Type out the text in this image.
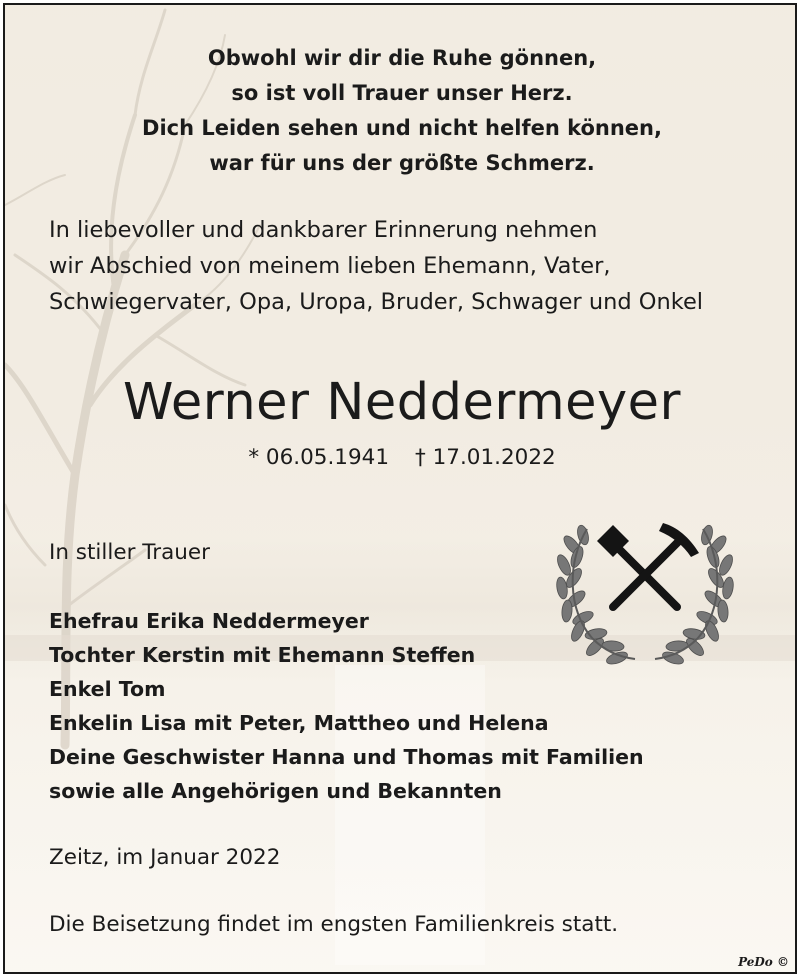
Obwohl wir dir die Ruhe gönnen,
so ist voll Trauer unser Herz.
Dich Leiden sehen und nicht helfen können,
war für uns der größte Schmerz.
In liebevoller und dankbarer Erinnerung nehmen
wir Abschied von meinem lieben Ehemann, Vater,
Schwiegervater, Opa, Uropa, Bruder, Schwager und Onkel
Werner Neddermeyer
* 06.05.1941 † 17.01.2022
In stiller Trauer
Ehefrau Erika Neddermeyer
Tochter Kerstin mit Ehemann Steffen
Enkel Tom
Enkelin Lisa mit Peter, Mattheo und Helena
Deine Geschwister Hanna und Thomas mit Familien
sowie alle Angehörigen und Bekannten
Zeitz, im Januar 2022
Die Beisetzung findet im engsten Familienkreis statt.
PeDo ©
